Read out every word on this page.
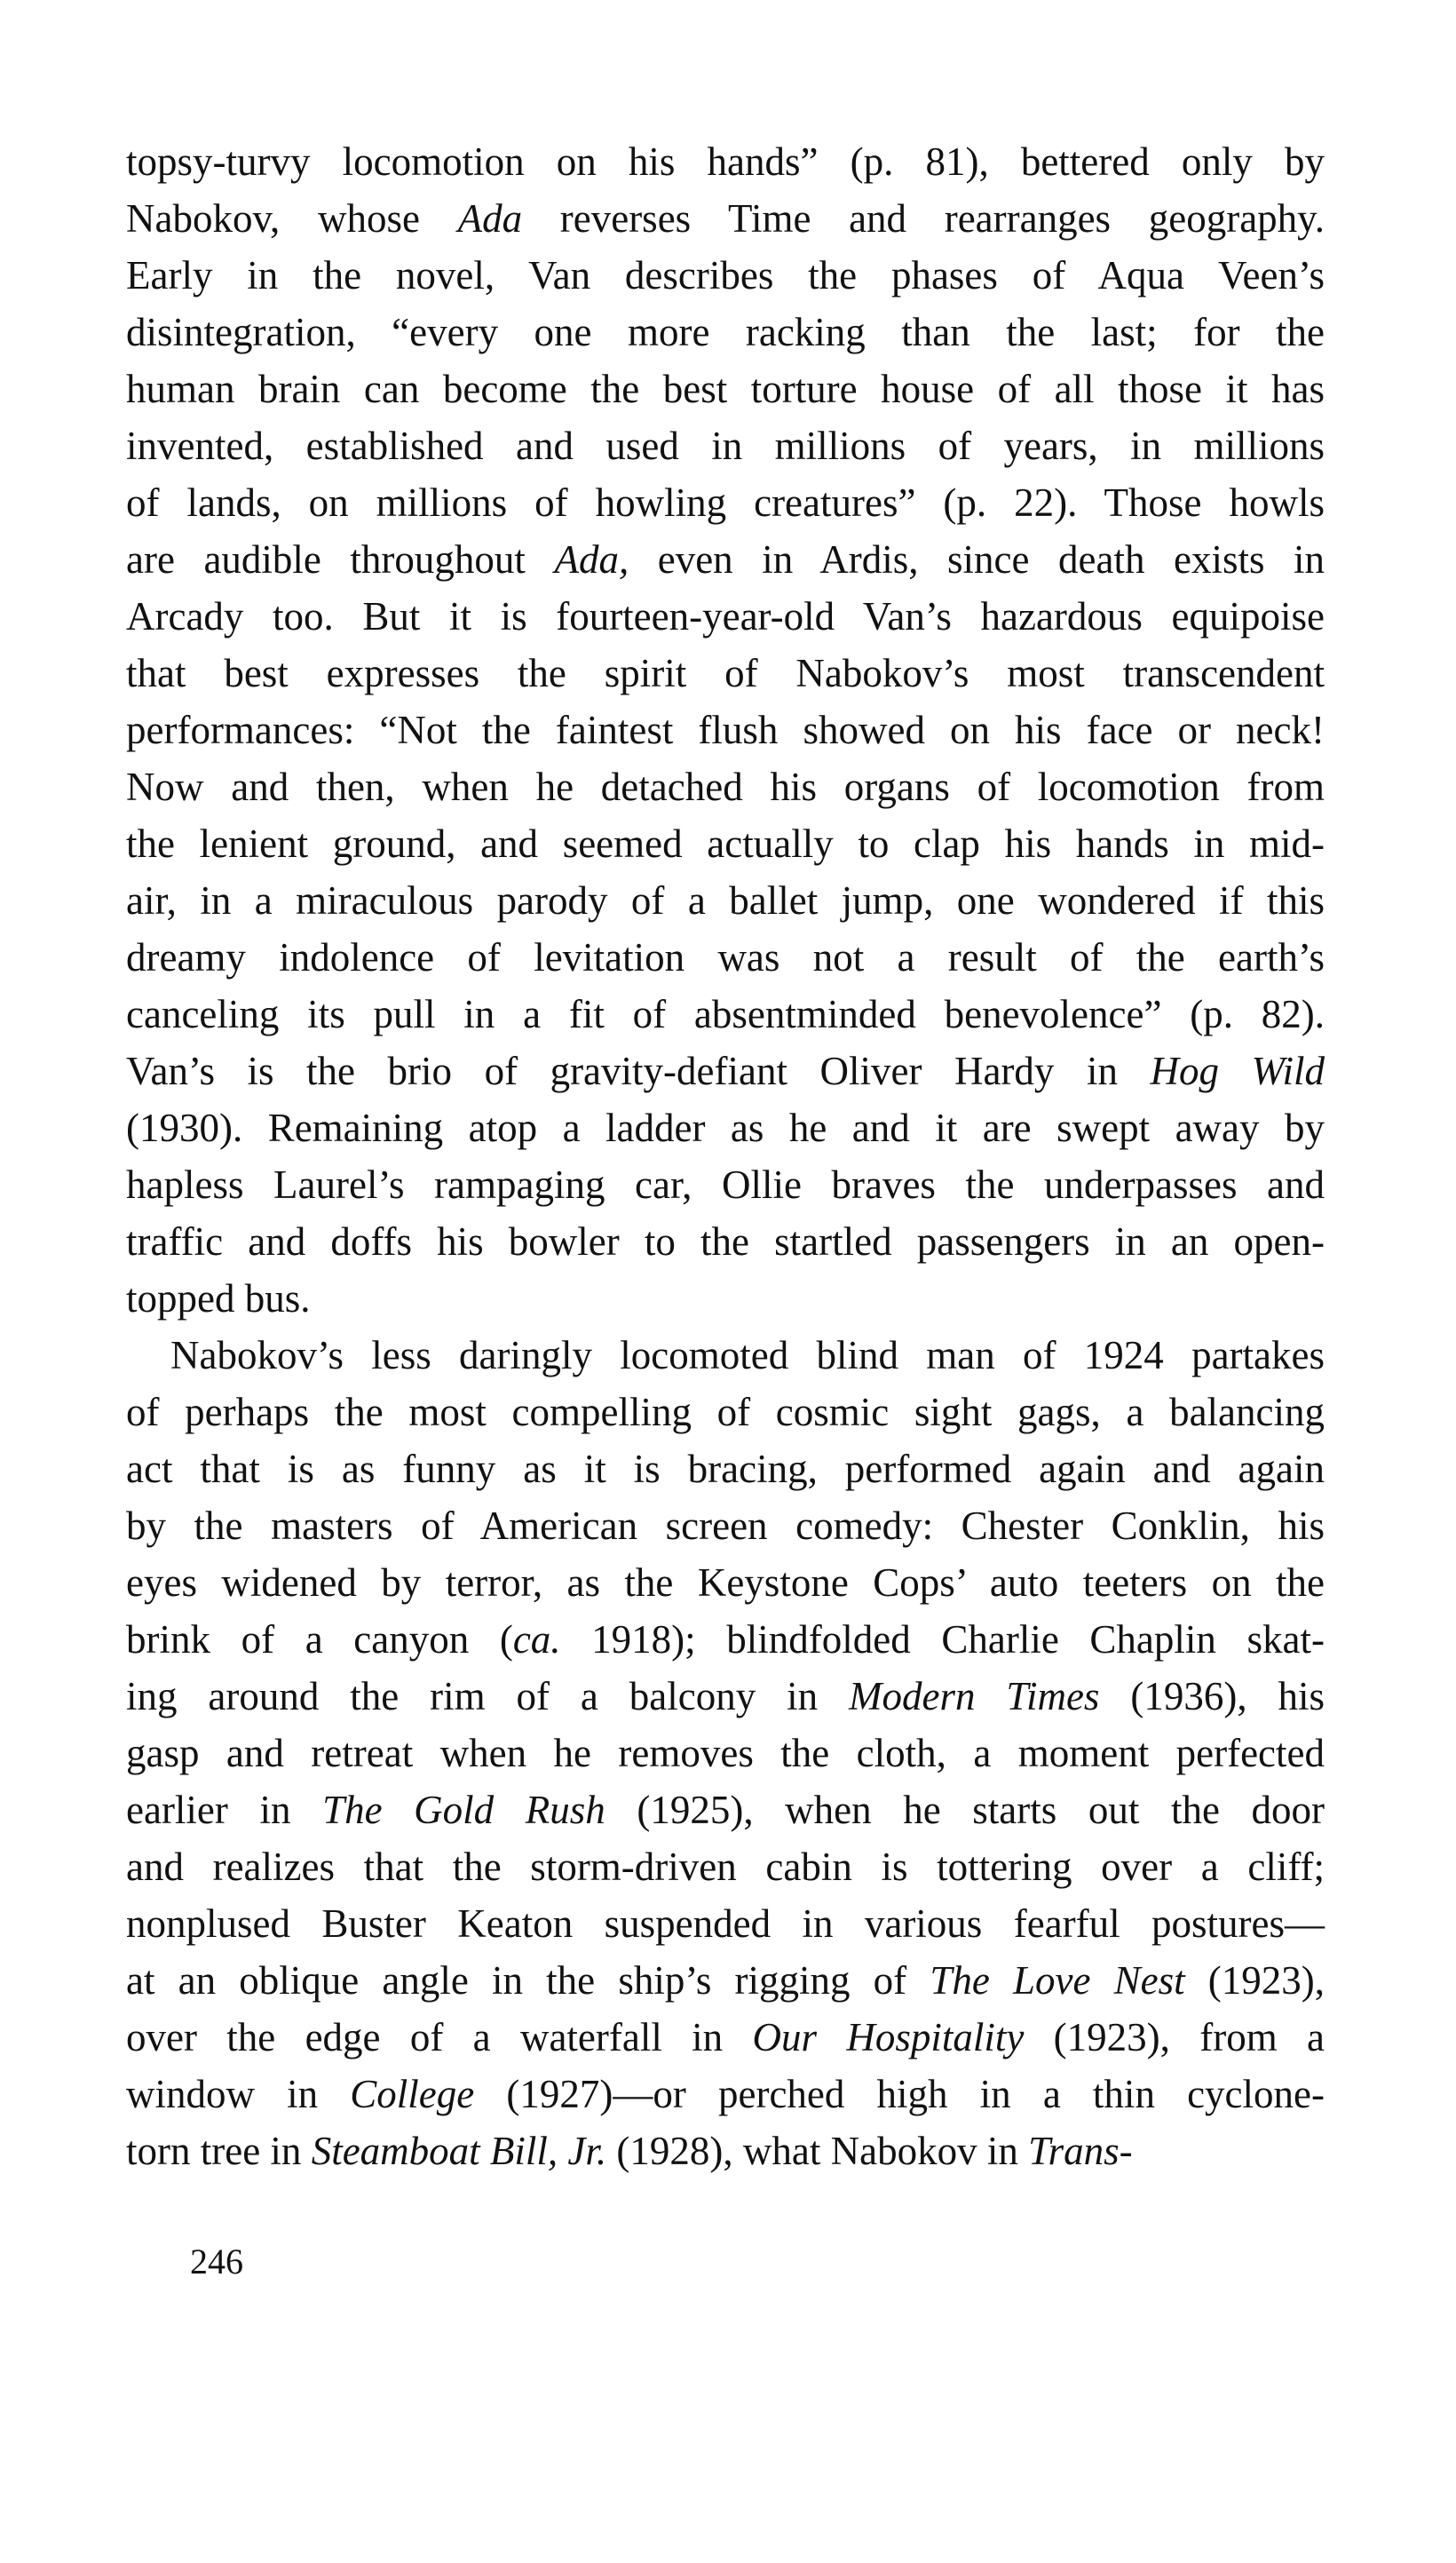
topsy-turvy locomotion on his hands” (p. 81), bettered only by
Nabokov, whose Ada reverses Time and rearranges geography.
Early in the novel, Van describes the phases of Aqua Veen’s
disintegration, “every one more racking than the last; for the
human brain can become the best torture house of all those it has
invented, established and used in millions of years, in millions
of lands, on millions of howling creatures” (p. 22). Those howls
are audible throughout Ada, even in Ardis, since death exists in
Arcady too. But it is fourteen-year-old Van’s hazardous equipoise
that best expresses the spirit of Nabokov’s most transcendent
performances: “Not the faintest flush showed on his face or neck!
Now and then, when he detached his organs of locomotion from
the lenient ground, and seemed actually to clap his hands in mid-
air, in a miraculous parody of a ballet jump, one wondered if this
dreamy indolence of levitation was not a result of the earth’s
canceling its pull in a fit of absentminded benevolence” (p. 82).
Van’s is the brio of gravity-defiant Oliver Hardy in Hog Wild
(1930). Remaining atop a ladder as he and it are swept away by
hapless Laurel’s rampaging car, Ollie braves the underpasses and
traffic and doffs his bowler to the startled passengers in an open-
topped bus.
Nabokov’s less daringly locomoted blind man of 1924 partakes
of perhaps the most compelling of cosmic sight gags, a balancing
act that is as funny as it is bracing, performed again and again
by the masters of American screen comedy: Chester Conklin, his
eyes widened by terror, as the Keystone Cops’ auto teeters on the
brink of a canyon (ca. 1918); blindfolded Charlie Chaplin skat-
ing around the rim of a balcony in Modern Times (1936), his
gasp and retreat when he removes the cloth, a moment perfected
earlier in The Gold Rush (1925), when he starts out the door
and realizes that the storm-driven cabin is tottering over a cliff;
nonplused Buster Keaton suspended in various fearful postures—
at an oblique angle in the ship’s rigging of The Love Nest (1923),
over the edge of a waterfall in Our Hospitality (1923), from a
window in College (1927)—or perched high in a thin cyclone-
torn tree in Steamboat Bill, Jr. (1928), what Nabokov in Trans-
246
